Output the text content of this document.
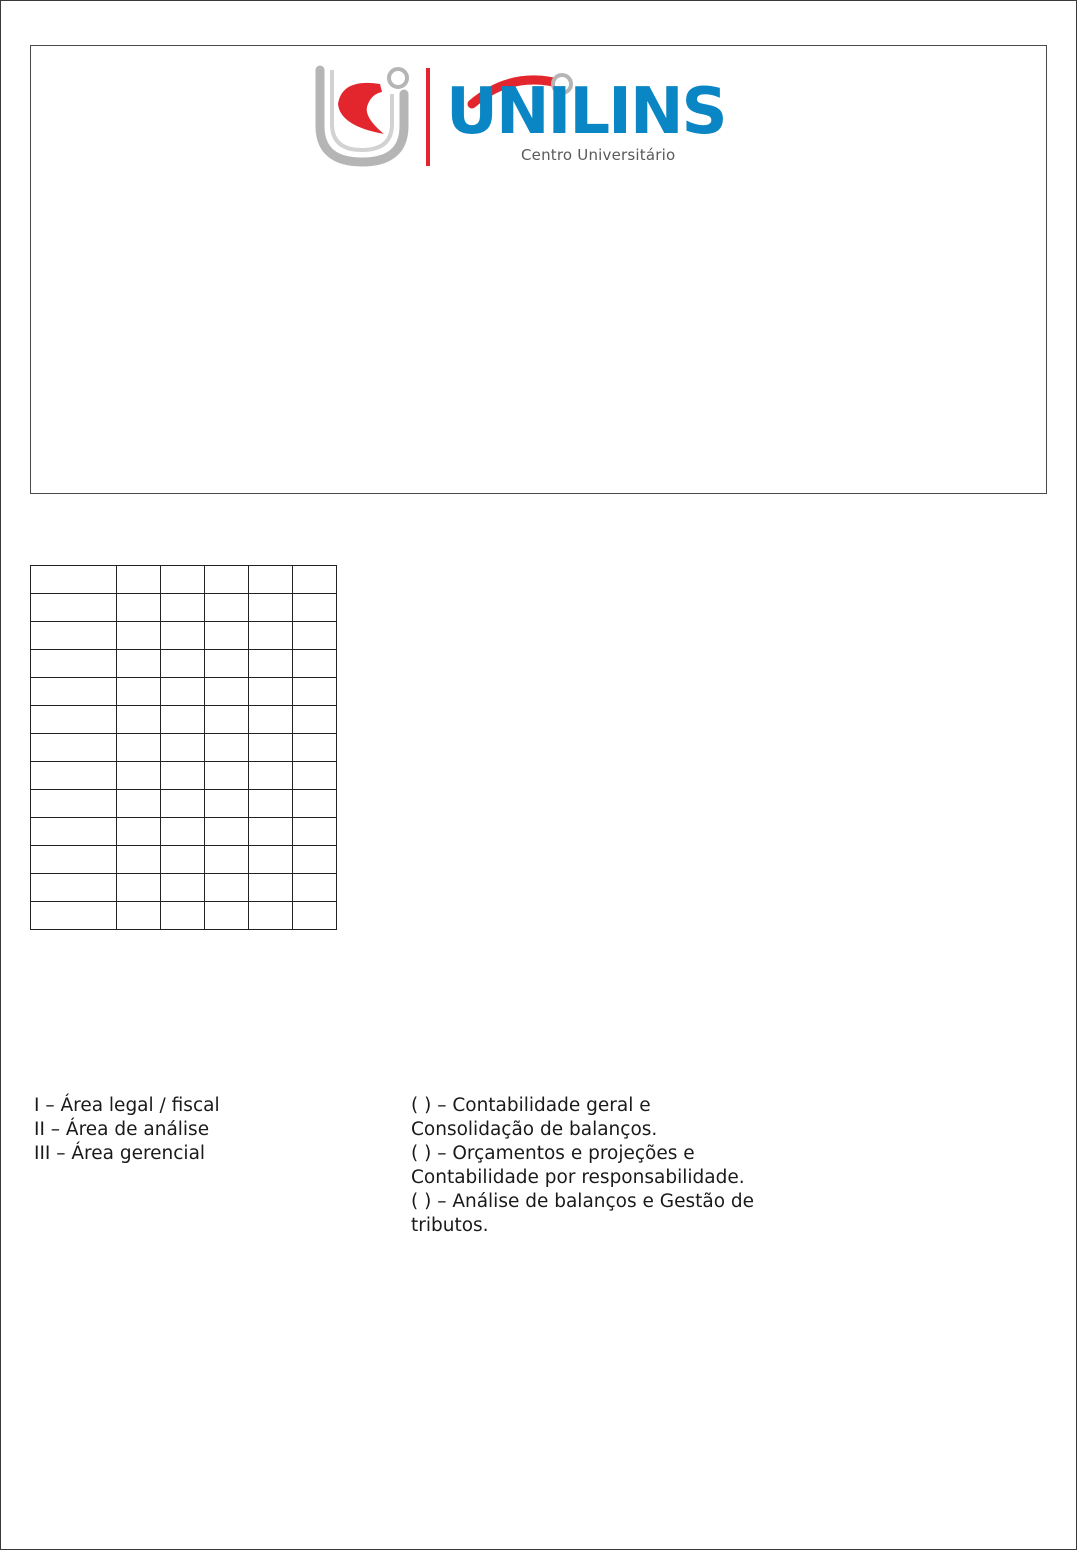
UNILINS
Centro Universitário

I – Área legal / fiscal
II – Área de análise
III – Área gerencial
( ) – Contabilidade geral e
Consolidação de balanços.
( ) – Orçamentos e projeções e
Contabilidade por responsabilidade.
( ) – Análise de balanços e Gestão de
tributos.
